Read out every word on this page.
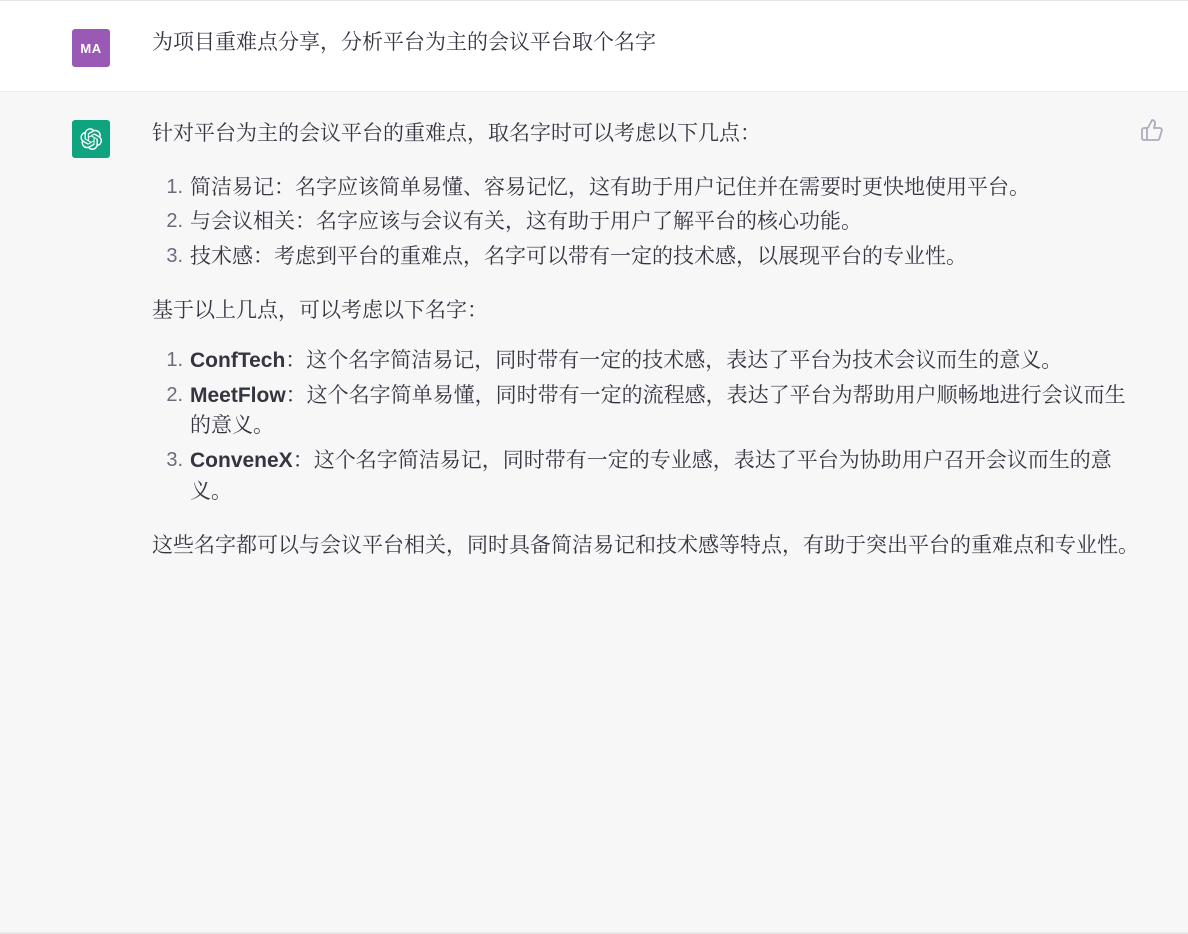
MA 为项目重难点分享，分析平台为主的会议平台取个名字

针对平台为主的会议平台的重难点，取名字时可以考虑以下几点：

简洁易记：名字应该简单易懂、容易记忆，这有助于用户记住并在需要时更快地使用平台。
与会议相关：名字应该与会议有关，这有助于用户了解平台的核心功能。
技术感：考虑到平台的重难点，名字可以带有一定的技术感，以展现平台的专业性。

基于以上几点，可以考虑以下名字：

ConfTech：这个名字简洁易记，同时带有一定的技术感，表达了平台为技术会议而生的意义。
MeetFlow：这个名字简单易懂，同时带有一定的流程感，表达了平台为帮助用户顺畅地进行会议而生的意义。
ConveneX：这个名字简洁易记，同时带有一定的专业感，表达了平台为协助用户召开会议而生的意义。

这些名字都可以与会议平台相关，同时具备简洁易记和技术感等特点，有助于突出平台的重难点和专业性。
